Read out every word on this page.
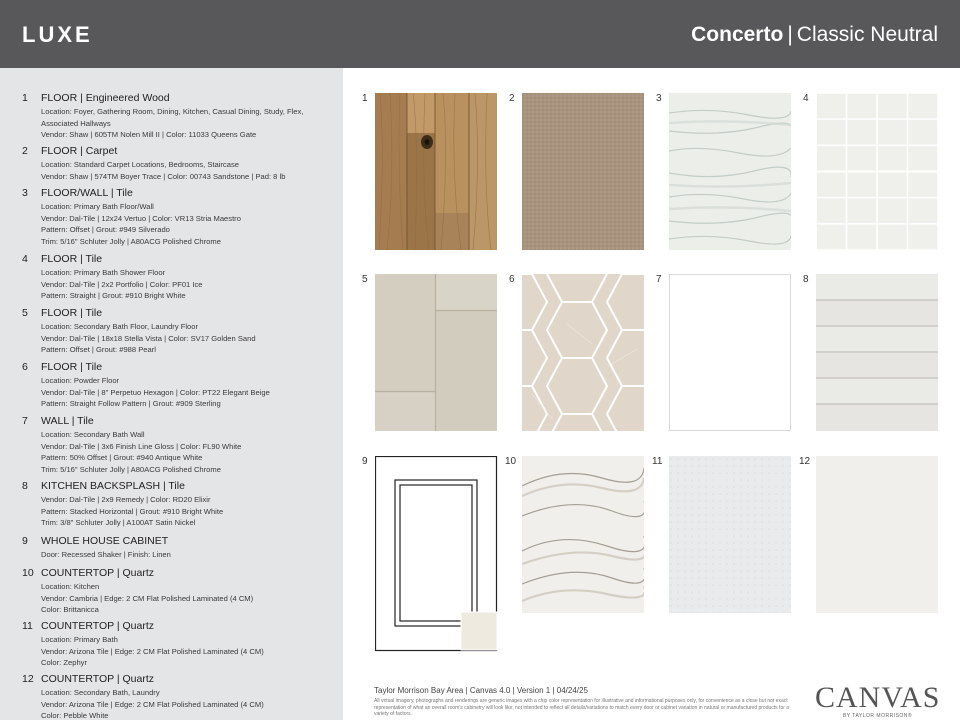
LUXE	Concerto | Classic Neutral
1 FLOOR | Engineered Wood
Location: Foyer, Gathering Room, Dining, Kitchen, Casual Dining, Study, Flex, Associated Hallways
Vendor: Shaw | 605TM Nolen Mill II | Color: 11033 Queens Gate
2 FLOOR | Carpet
Location: Standard Carpet Locations, Bedrooms, Staircase
Vendor: Shaw | 574TM Boyer Trace | Color: 00743 Sandstone | Pad: 8 lb
3 FLOOR/WALL | Tile
Location: Primary Bath Floor/Wall
Vendor: Dal-Tile | 12x24 Vertuo | Color: VR13 Stria Maestro
Pattern: Offset | Grout: #949 Silverado
Trim: 5/16" Schluter Jolly | A80ACG Polished Chrome
4 FLOOR | Tile
Location: Primary Bath Shower Floor
Vendor: Dal-Tile | 2x2 Portfolio | Color: PF01 Ice
Pattern: Straight | Grout: #910 Bright White
5 FLOOR | Tile
Location: Secondary Bath Floor, Laundry Floor
Vendor: Dal-Tile | 18x18 Stella Vista | Color: SV17 Golden Sand
Pattern: Offset | Grout: #988 Pearl
6 FLOOR | Tile
Location: Powder Floor
Vendor: Dal-Tile | 8" Perpetuo Hexagon | Color: PT22 Elegant Beige
Pattern: Straight Follow Pattern | Grout: #909 Sterling
7 WALL | Tile
Location: Secondary Bath Wall
Vendor: Dal-Tile | 3x6 Finish Line Gloss | Color: FL90 White
Pattern: 50% Offset | Grout: #940 Antique White
Trim: 5/16" Schluter Jolly | A80ACG Polished Chrome
8 KITCHEN BACKSPLASH | Tile
Vendor: Dal-Tile | 2x9 Remedy | Color: RD20 Elixir
Pattern: Stacked Horizontal | Grout: #910 Bright White
Trim: 3/8" Schluter Jolly | A100AT Satin Nickel
9 WHOLE HOUSE CABINET
Door: Recessed Shaker | Finish: Linen
10 COUNTERTOP | Quartz
Location: Kitchen
Vendor: Cambria | Edge: 2 CM Flat Polished Laminated (4 CM)
Color: Brittanicca
11 COUNTERTOP | Quartz
Location: Primary Bath
Vendor: Arizona Tile | Edge: 2 CM Flat Polished Laminated (4 CM)
Color: Zephyr
12 COUNTERTOP | Quartz
Location: Secondary Bath, Laundry
Vendor: Arizona Tile | Edge: 2 CM Flat Polished Laminated (4 CM)
Color: Pebble White
1	2	3	4
5	6	7	8
9	10	11	12
Taylor Morrison Bay Area | Canvas 4.0 | Version 1 | 04/24/25
All virtual imagery, photographs and renderings are generic images with a chip color representation for illustrative and informational purposes only, for convenience as a close but not exact representation of what an overall room's cabinetry will look like; not intended to reflect all details/variations to match every door or cabinet variation in natural or manufactured products for a variety of factors.	CANVAS
BY TAYLOR MORRISON®
